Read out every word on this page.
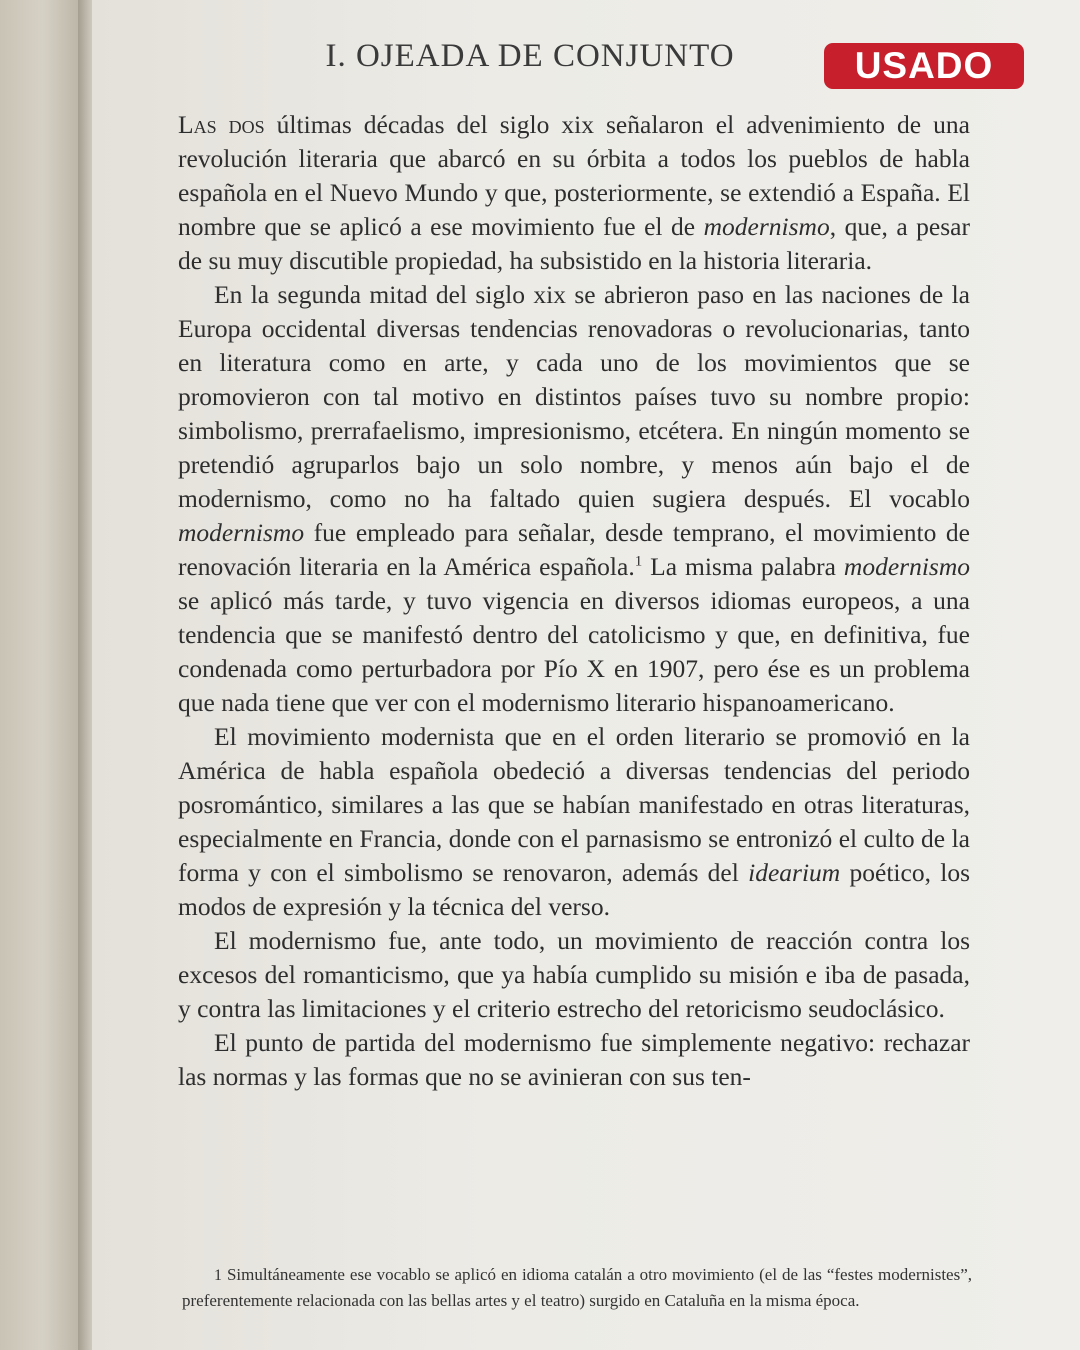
I. OJEADA DE CONJUNTO	USADO

Las dos últimas décadas del siglo xix señalaron el advenimiento de una revolución literaria que abarcó en su órbita a todos los pueblos de habla española en el Nuevo Mundo y que, posteriormente, se extendió a España. El nombre que se aplicó a ese movimiento fue el de modernismo, que, a pesar de su muy discutible propiedad, ha subsistido en la historia literaria.

En la segunda mitad del siglo xix se abrieron paso en las naciones de la Europa occidental diversas tendencias renovadoras o revolucionarias, tanto en literatura como en arte, y cada uno de los movimientos que se promovieron con tal motivo en distintos países tuvo su nombre propio: simbolismo, prerrafaelismo, impresionismo, etcétera. En ningún momento se pretendió agruparlos bajo un solo nombre, y menos aún bajo el de modernismo, como no ha faltado quien sugiera después. El vocablo modernismo fue empleado para señalar, desde temprano, el movimiento de renovación literaria en la América española.$^1$ La misma palabra modernismo se aplicó más tarde, y tuvo vigencia en diversos idiomas europeos, a una tendencia que se manifestó dentro del catolicismo y que, en definitiva, fue condenada como perturbadora por Pío X en 1907, pero ése es un problema que nada tiene que ver con el modernismo literario hispanoamericano.

El movimiento modernista que en el orden literario se promovió en la América de habla española obedeció a diversas tendencias del periodo posromántico, similares a las que se habían manifestado en otras literaturas, especialmente en Francia, donde con el parnasismo se entronizó el culto de la forma y con el simbolismo se renovaron, además del idearium poético, los modos de expresión y la técnica del verso.

El modernismo fue, ante todo, un movimiento de reacción contra los excesos del romanticismo, que ya había cumplido su misión e iba de pasada, y contra las limitaciones y el criterio estrecho del retoricismo seudoclásico.

El punto de partida del modernismo fue simplemente negativo: rechazar las normas y las formas que no se avinieran con sus ten-

1 Simultáneamente ese vocablo se aplicó en idioma catalán a otro movimiento (el de las “festes modernistes”, preferentemente relacionada con las bellas artes y el teatro) surgido en Cataluña en la misma época.
